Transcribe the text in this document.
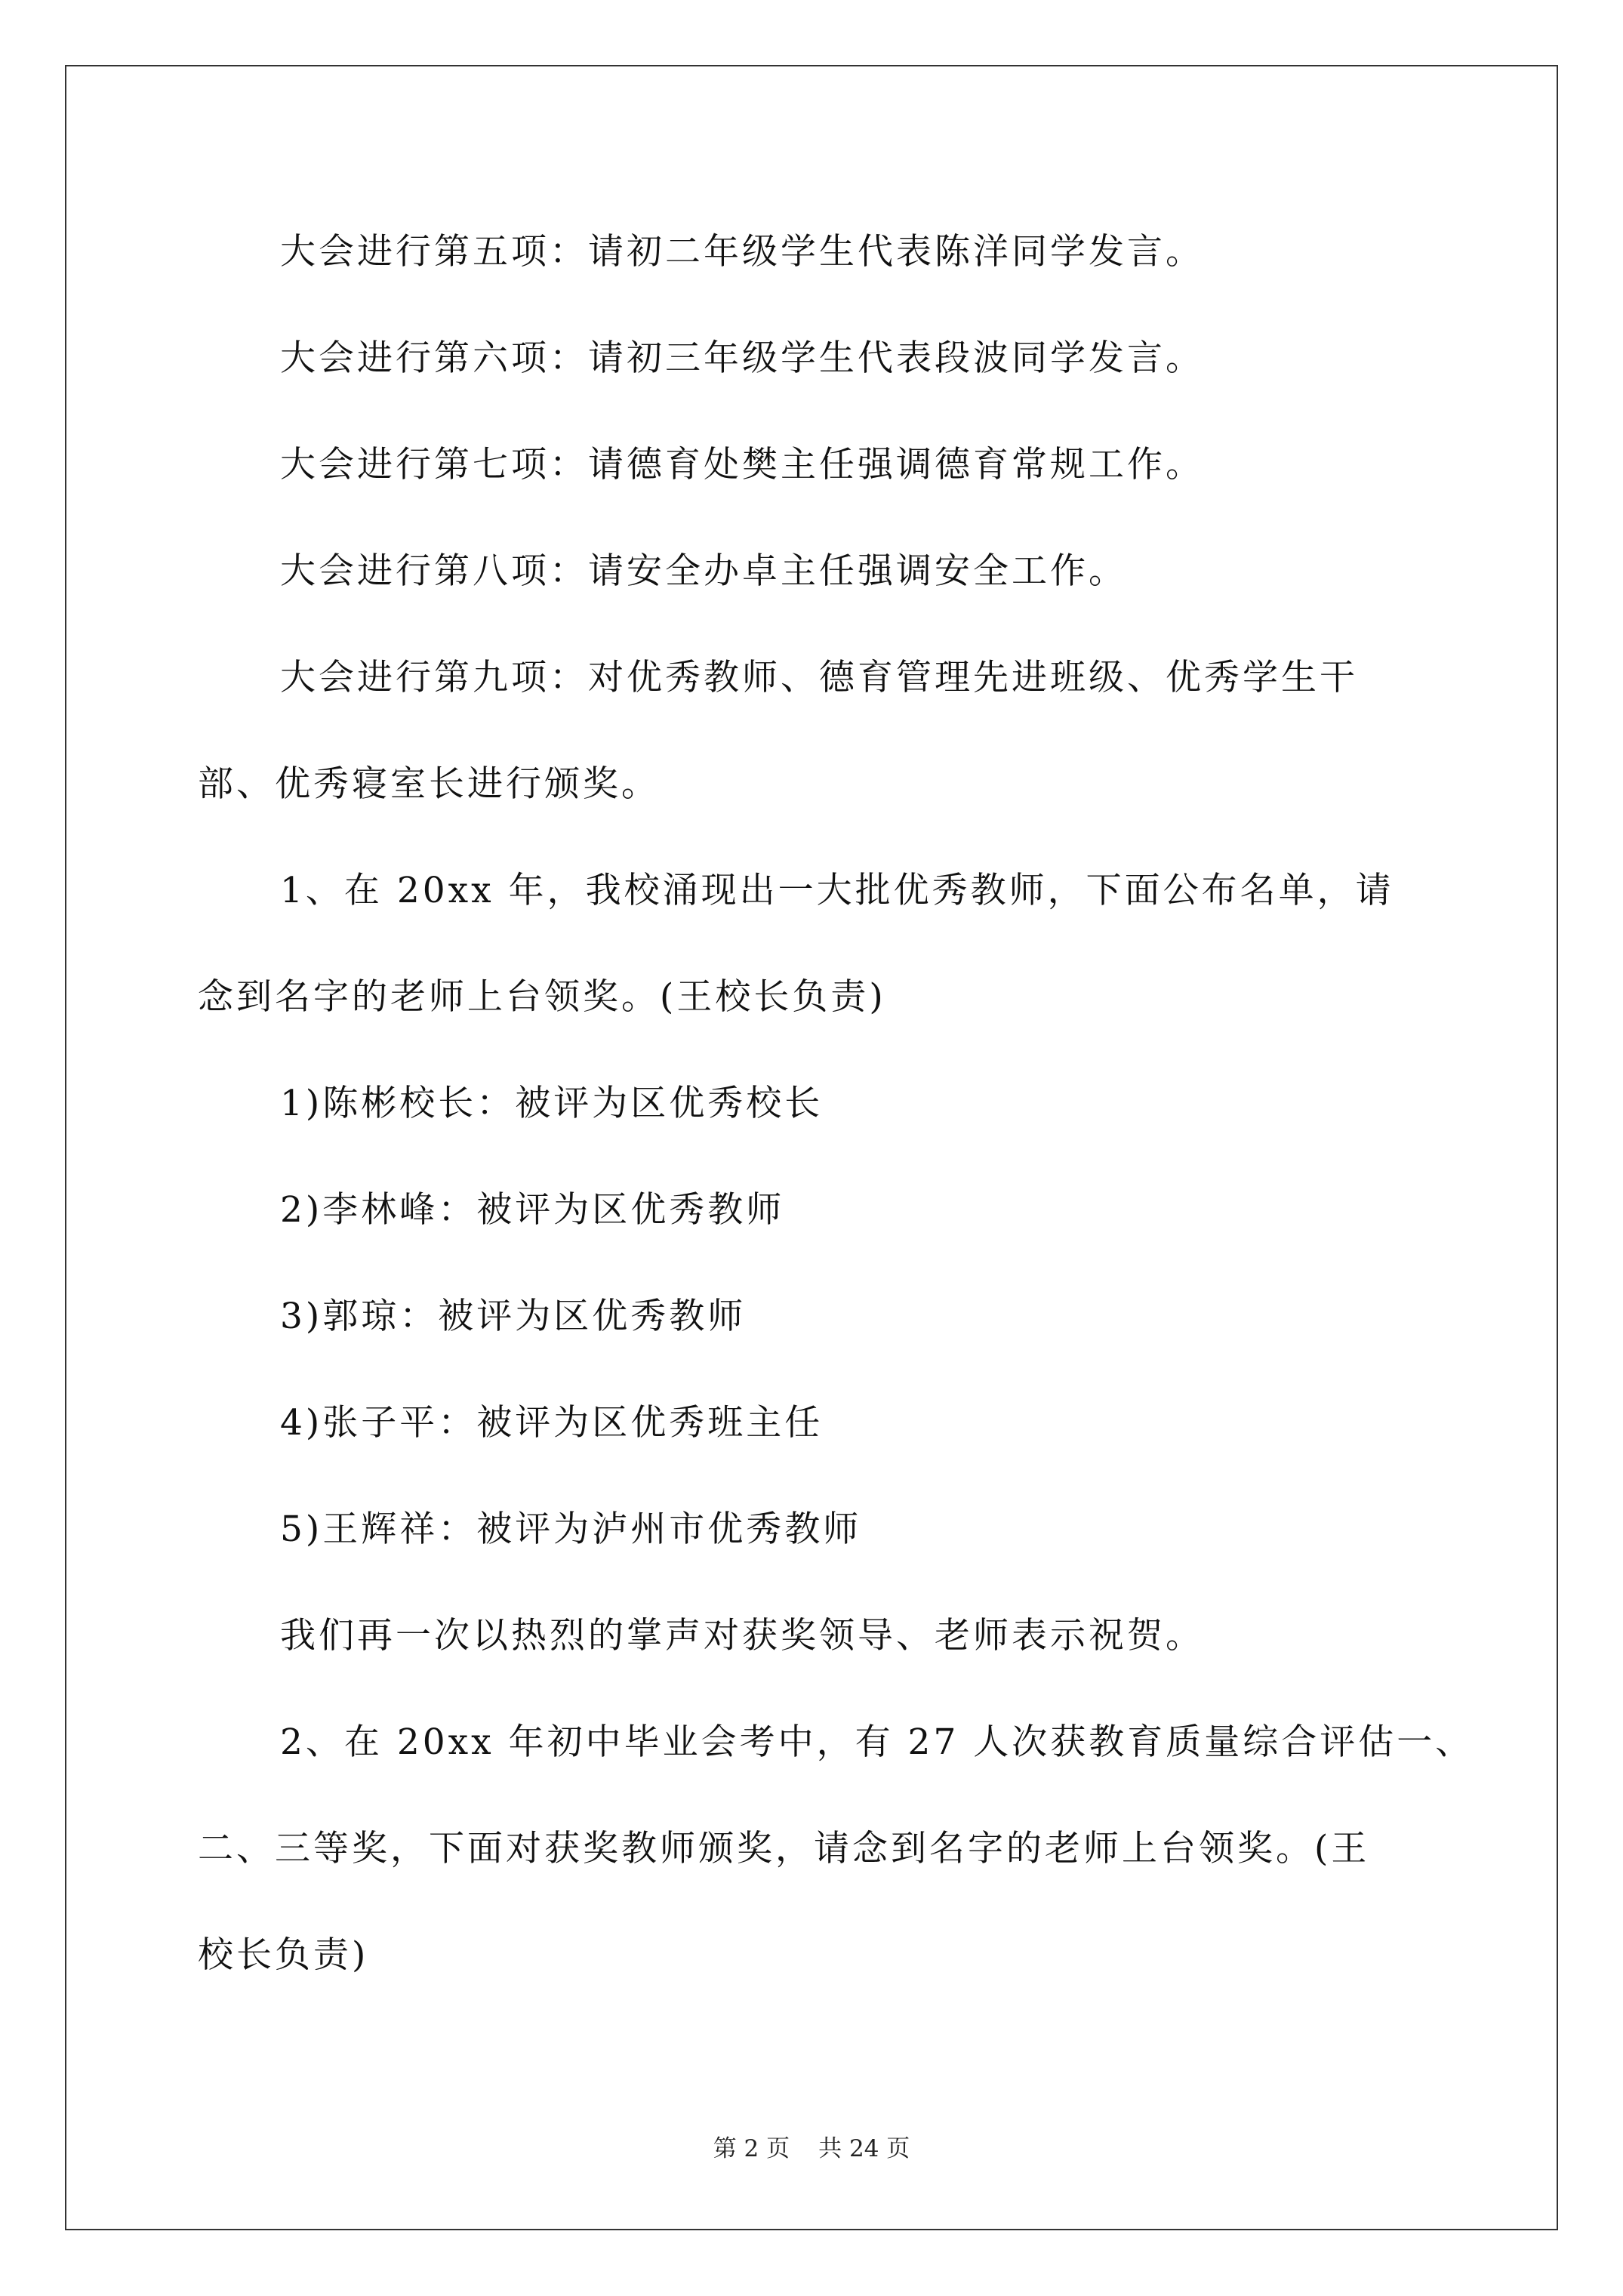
大会进行第五项：请初二年级学生代表陈洋同学发言。
大会进行第六项：请初三年级学生代表段波同学发言。
大会进行第七项：请德育处樊主任强调德育常规工作。
大会进行第八项：请安全办卓主任强调安全工作。
大会进行第九项：对优秀教师、德育管理先进班级、优秀学生干
部、优秀寝室长进行颁奖。
1、在 20xx 年，我校涌现出一大批优秀教师，下面公布名单，请
念到名字的老师上台领奖。(王校长负责)
1)陈彬校长：被评为区优秀校长
2)李林峰：被评为区优秀教师
3)郭琼：被评为区优秀教师
4)张子平：被评为区优秀班主任
5)王辉祥：被评为泸州市优秀教师
我们再一次以热烈的掌声对获奖领导、老师表示祝贺。
2、在 20xx 年初中毕业会考中，有 27 人次获教育质量综合评估一、
二、三等奖，下面对获奖教师颁奖，请念到名字的老师上台领奖。(王
校长负责)
第 2 页 共 24 页
